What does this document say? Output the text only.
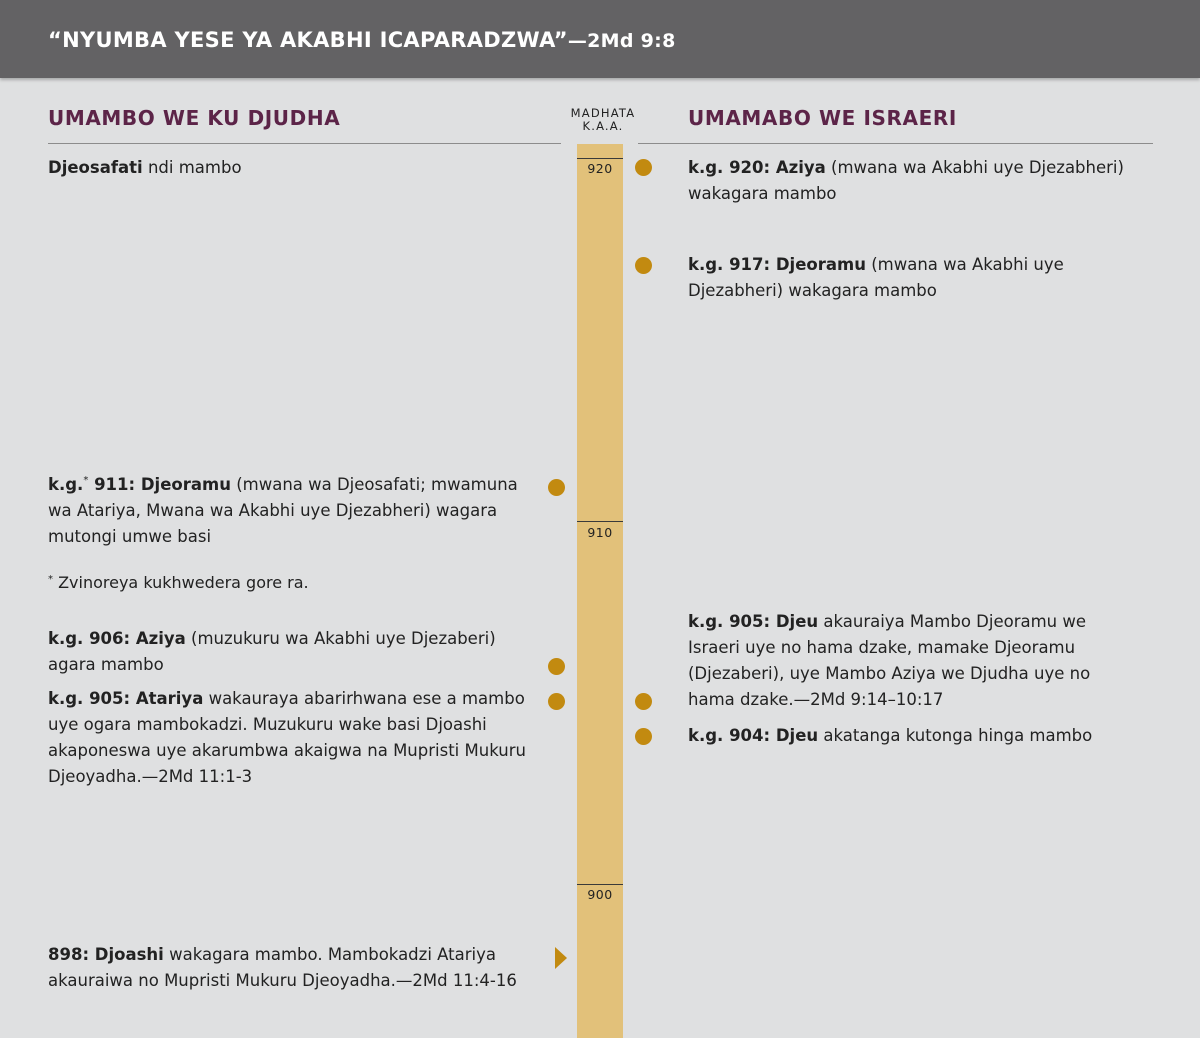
“NYUMBA YESE YA AKABHI ICAPARADZWA”—2Md 9:8
UMAMBO WE KU DJUDHA	MADHATA
K.A.A.	UMAMABO WE ISRAERI
920
910
900
Djeosafati ndi mambo
k.g.* 911: Djeoramu (mwana wa Djeosafati; mwamuna wa Atariya, Mwana wa Akabhi uye Djezabheri) wagara mutongi umwe basi
* Zvinoreya kukhwedera gore ra.
k.g. 906: Aziya (muzukuru wa Akabhi uye Djezaberi) agara mambo
k.g. 905: Atariya wakauraya abarirhwana ese a mambo uye ogara mambokadzi. Muzukuru wake basi Djoashi akaponeswa uye akarumbwa akaigwa na Mupristi Mukuru Djeoyadha.—2Md 11:1-3
898: Djoashi wakagara mambo. Mambokadzi Atariya akauraiwa no Mupristi Mukuru Djeoyadha.—2Md 11:4-16
k.g. 920: Aziya (mwana wa Akabhi uye Djezabheri) wakagara mambo
k.g. 917: Djeoramu (mwana wa Akabhi uye Djezabheri) wakagara mambo
k.g. 905: Djeu akauraiya Mambo Djeoramu we Israeri uye no hama dzake, mamake Djeoramu (Djezaberi), uye Mambo Aziya we Djudha uye no hama dzake.—2Md 9:14–10:17
k.g. 904: Djeu akatanga kutonga hinga mambo
